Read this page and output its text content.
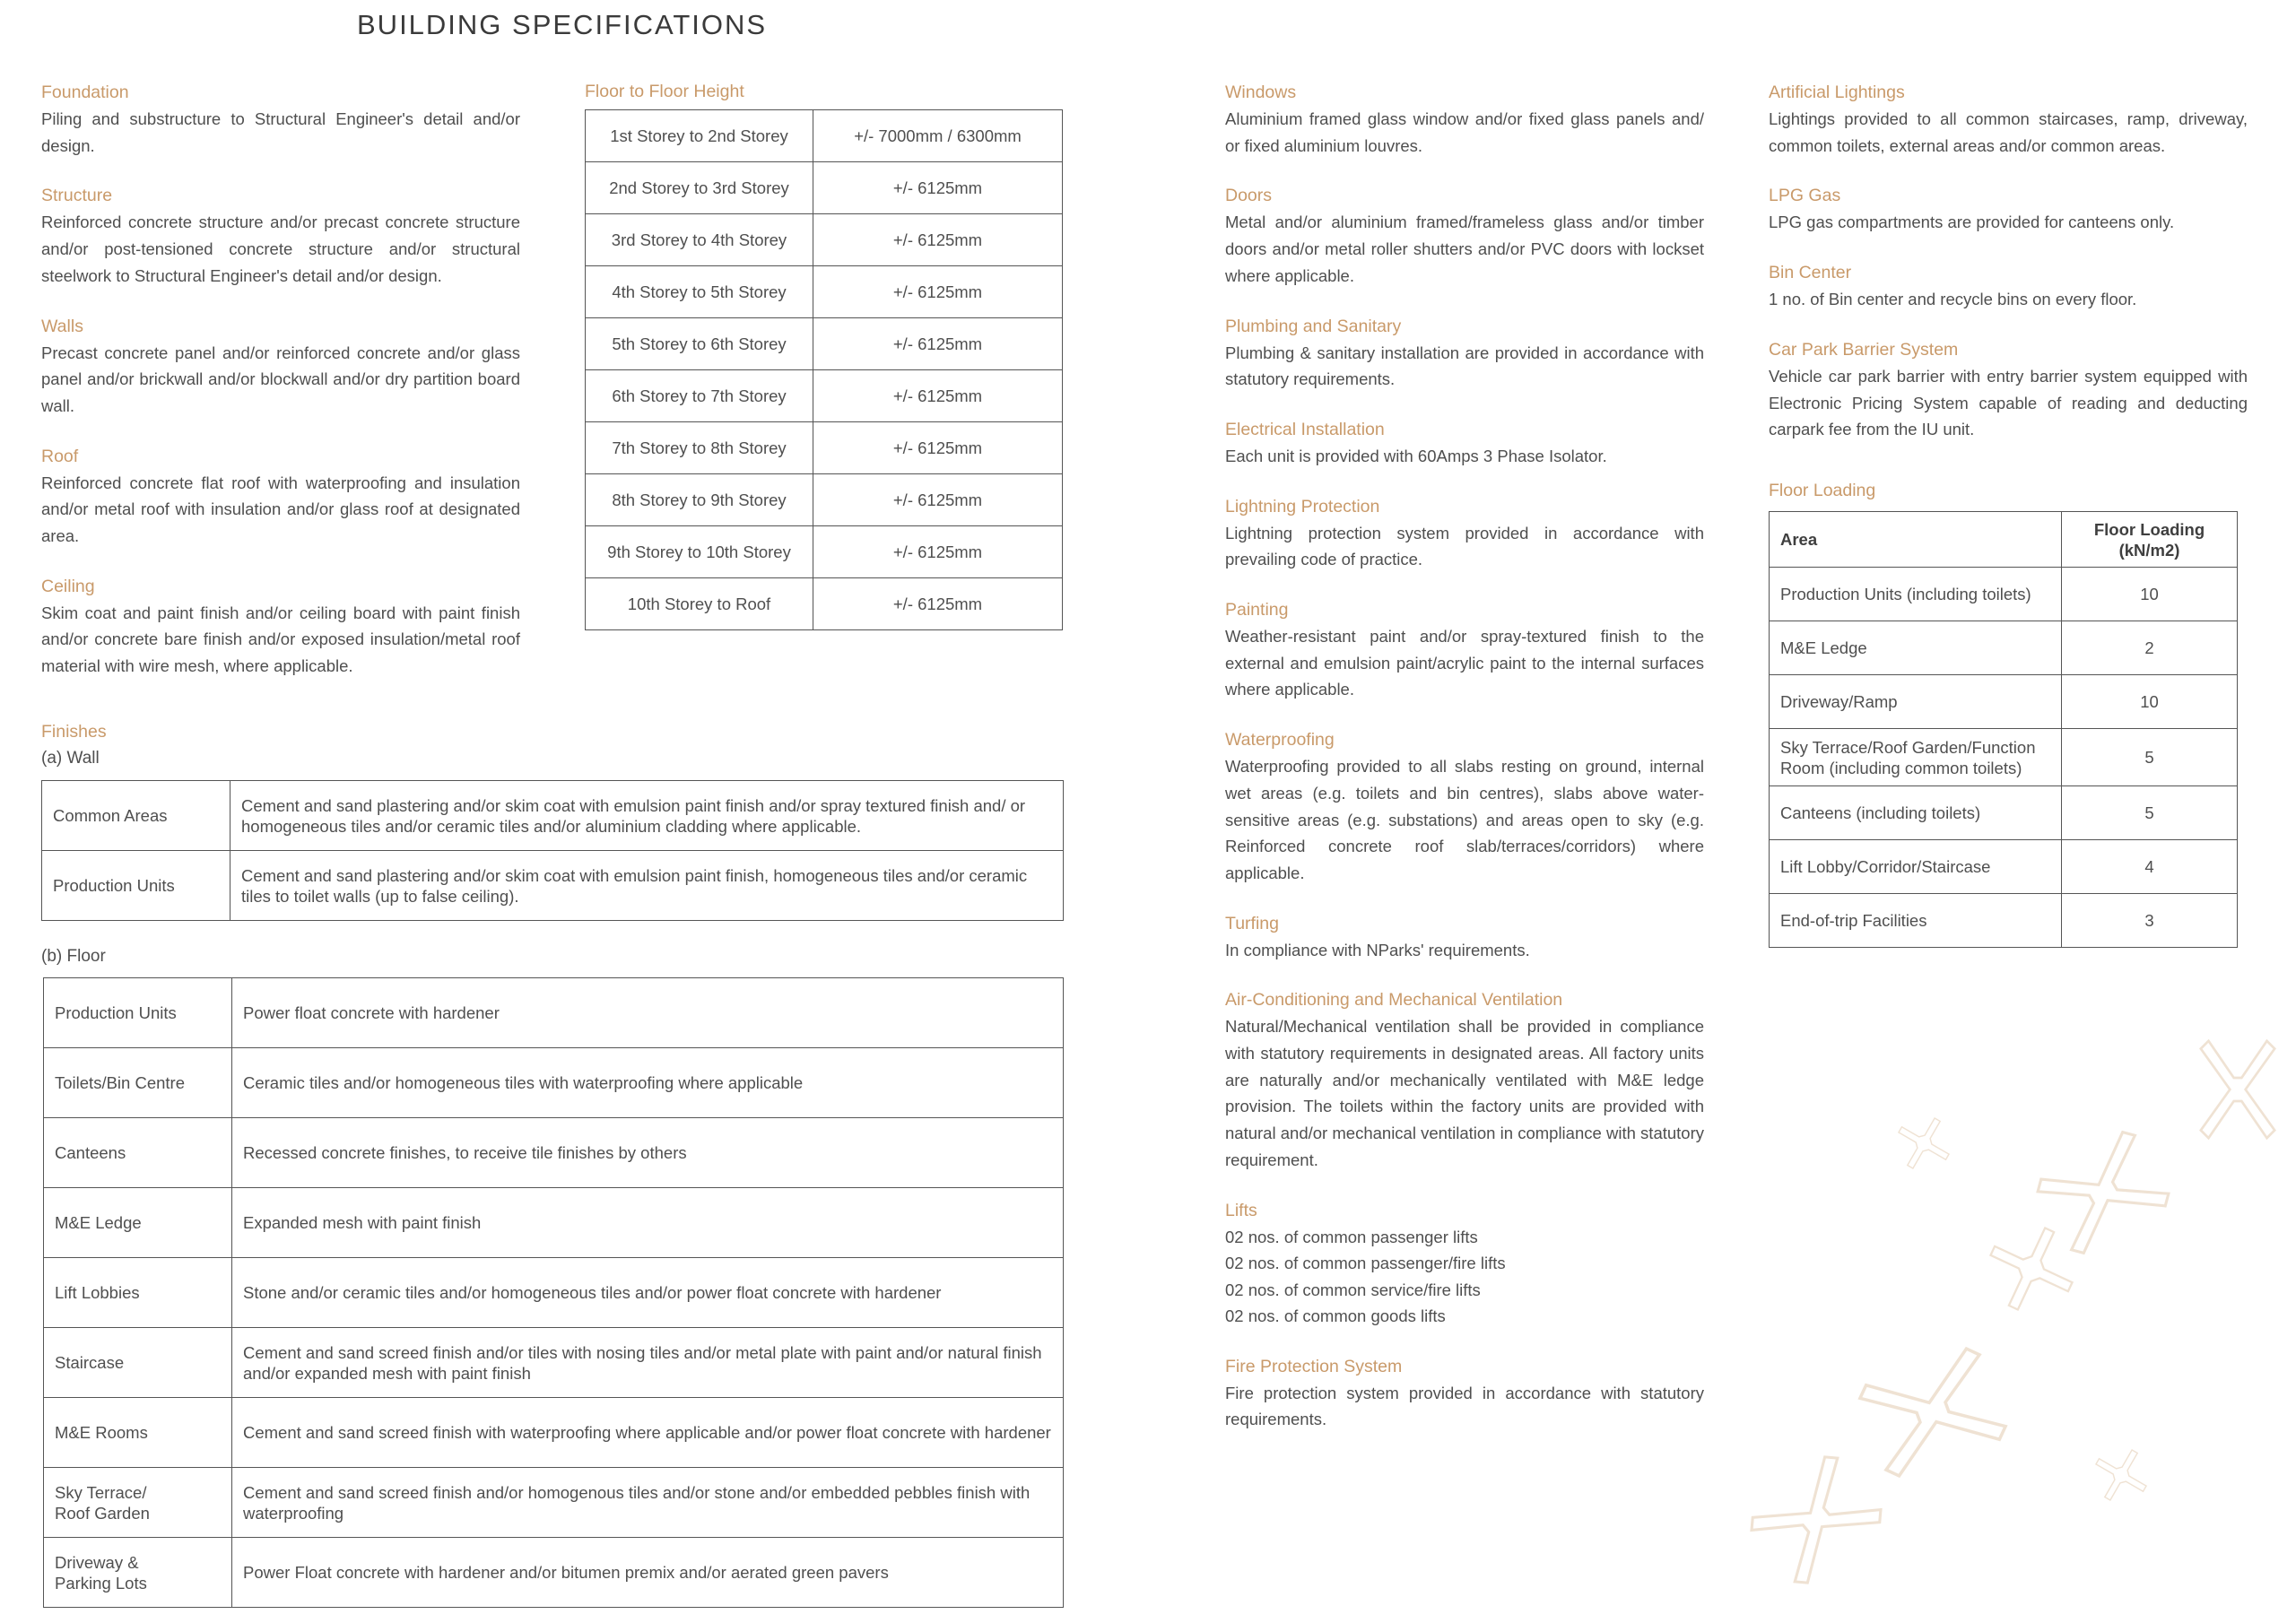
BUILDING SPECIFICATIONS
Foundation
Piling and substructure to Structural Engineer's detail and/or design.
Structure
Reinforced concrete structure and/or precast concrete structure and/or post-tensioned concrete structure and/or structural steelwork to Structural Engineer's detail and/or design.
Walls
Precast concrete panel and/or reinforced concrete and/or glass panel and/or brickwall and/or blockwall and/or dry partition board wall.
Roof
Reinforced concrete flat roof with waterproofing and insulation and/or metal roof with insulation and/or glass roof at designated area.
Ceiling
Skim coat and paint finish and/or ceiling board with paint finish and/or concrete bare finish and/or exposed insulation/metal roof material with wire mesh, where applicable.
Floor to Floor Height
1st Storey to 2nd Storey	+/- 7000mm / 6300mm
2nd Storey to 3rd Storey	+/- 6125mm
3rd Storey to 4th Storey	+/- 6125mm
4th Storey to 5th Storey	+/- 6125mm
5th Storey to 6th Storey	+/- 6125mm
6th Storey to 7th Storey	+/- 6125mm
7th Storey to 8th Storey	+/- 6125mm
8th Storey to 9th Storey	+/- 6125mm
9th Storey to 10th Storey	+/- 6125mm
10th Storey to Roof	+/- 6125mm
Finishes
(a) Wall
Common Areas	Cement and sand plastering and/or skim coat with emulsion paint finish and/or spray textured finish and/ or homogeneous tiles and/or ceramic tiles and/or aluminium cladding where applicable.
Production Units	Cement and sand plastering and/or skim coat with emulsion paint finish, homogeneous tiles and/or ceramic tiles to toilet walls (up to false ceiling).
(b) Floor
Production Units	Power float concrete with hardener
Toilets/Bin Centre	Ceramic tiles and/or homogeneous tiles with waterproofing where applicable
Canteens	Recessed concrete finishes, to receive tile finishes by others
M&E Ledge	Expanded mesh with paint finish
Lift Lobbies	Stone and/or ceramic tiles and/or homogeneous tiles and/or power float concrete with hardener
Staircase	Cement and sand screed finish and/or tiles with nosing tiles and/or metal plate with paint and/or natural finish and/or expanded mesh with paint finish
M&E Rooms	Cement and sand screed finish with waterproofing where applicable and/or power float concrete with hardener
Sky Terrace/
Roof Garden	Cement and sand screed finish and/or homogenous tiles and/or stone and/or embedded pebbles finish with waterproofing
Driveway &
Parking Lots	Power Float concrete with hardener and/or bitumen premix and/or aerated green pavers
Windows
Aluminium framed glass window and/or fixed glass panels and/ or fixed aluminium louvres.
Doors
Metal and/or aluminium framed/frameless glass and/or timber doors and/or metal roller shutters and/or PVC doors with lockset where applicable.
Plumbing and Sanitary
Plumbing & sanitary installation are provided in accordance with statutory requirements.
Electrical Installation
Each unit is provided with 60Amps 3 Phase Isolator.
Lightning Protection
Lightning protection system provided in accordance with prevailing code of practice.
Painting
Weather-resistant paint and/or spray-textured finish to the external and emulsion paint/acrylic paint to the internal surfaces where applicable.
Waterproofing
Waterproofing provided to all slabs resting on ground, internal wet areas (e.g. toilets and bin centres), slabs above water-sensitive areas (e.g. substations) and areas open to sky (e.g. Reinforced concrete roof slab/terraces/corridors) where applicable.
Turfing
In compliance with NParks' requirements.
Air-Conditioning and Mechanical Ventilation
Natural/Mechanical ventilation shall be provided in compliance with statutory requirements in designated areas. All factory units are naturally and/or mechanically ventilated with M&E ledge provision. The toilets within the factory units are provided with natural and/or mechanical ventilation in compliance with statutory requirement.
Lifts
02 nos. of common passenger lifts
02 nos. of common passenger/fire lifts
02 nos. of common service/fire lifts
02 nos. of common goods lifts
Fire Protection System
Fire protection system provided in accordance with statutory requirements.
Artificial Lightings
Lightings provided to all common staircases, ramp, driveway, common toilets, external areas and/or common areas.
LPG Gas
LPG gas compartments are provided for canteens only.
Bin Center
1 no. of Bin center and recycle bins on every floor.
Car Park Barrier System
Vehicle car park barrier with entry barrier system equipped with Electronic Pricing System capable of reading and deducting carpark fee from the IU unit.
Floor Loading
Area	Floor Loading
(kN/m2)
Production Units (including toilets)	10
M&E Ledge	2
Driveway/Ramp	10
Sky Terrace/Roof Garden/Function Room (including common toilets)	5
Canteens (including toilets)	5
Lift Lobby/Corridor/Staircase	4
End-of-trip Facilities	3
